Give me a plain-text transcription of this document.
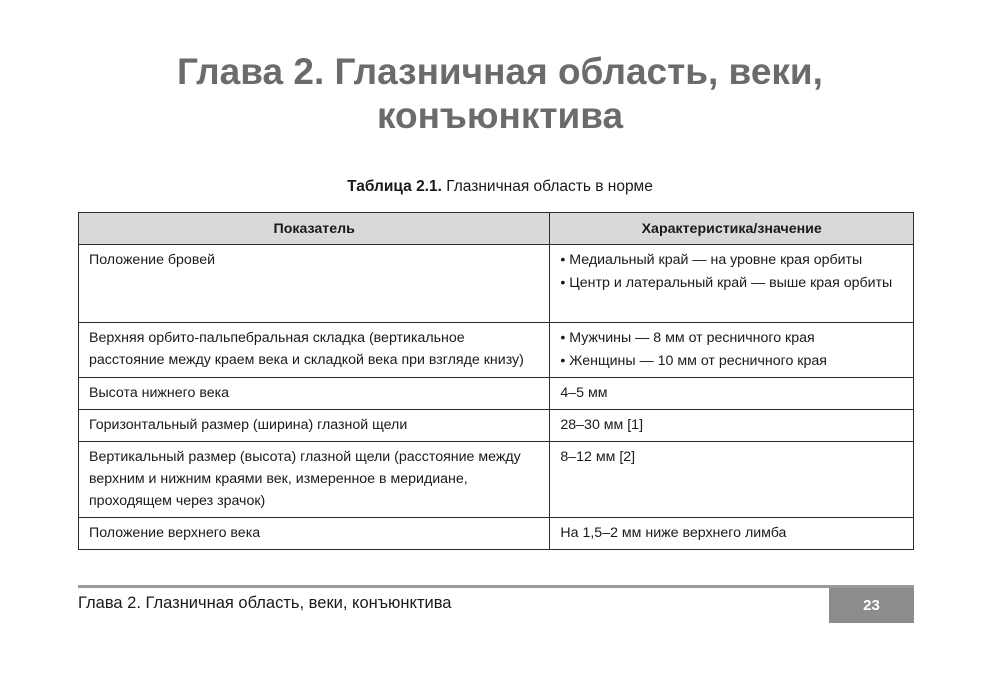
Глава 2. Глазничная область, веки,
конъюнктива
Таблица 2.1. Глазничная область в норме
Показатель	Характеристика/значение
Положение бровей	• Медиальный край — на уровне края орбиты
• Центр и латеральный край — выше края орбиты

Верхняя орбито-пальпебральная складка (вертикальное расстояние между краем века и складкой века при взгляде книзу)	• Мужчины — 8 мм от ресничного края
• Женщины — 10 мм от ресничного края

Высота нижнего века	4–5 мм
Горизонтальный размер (ширина) глазной щели	28–30 мм [1]
Вертикальный размер (высота) глазной щели (расстояние между верхним и нижним краями век, измеренное в меридиане, проходящем через зрачок)	8–12 мм [2]
Положение верхнего века	На 1,5–2 мм ниже верхнего лимба
Глава 2. Глазничная область, веки, конъюнктива	23
